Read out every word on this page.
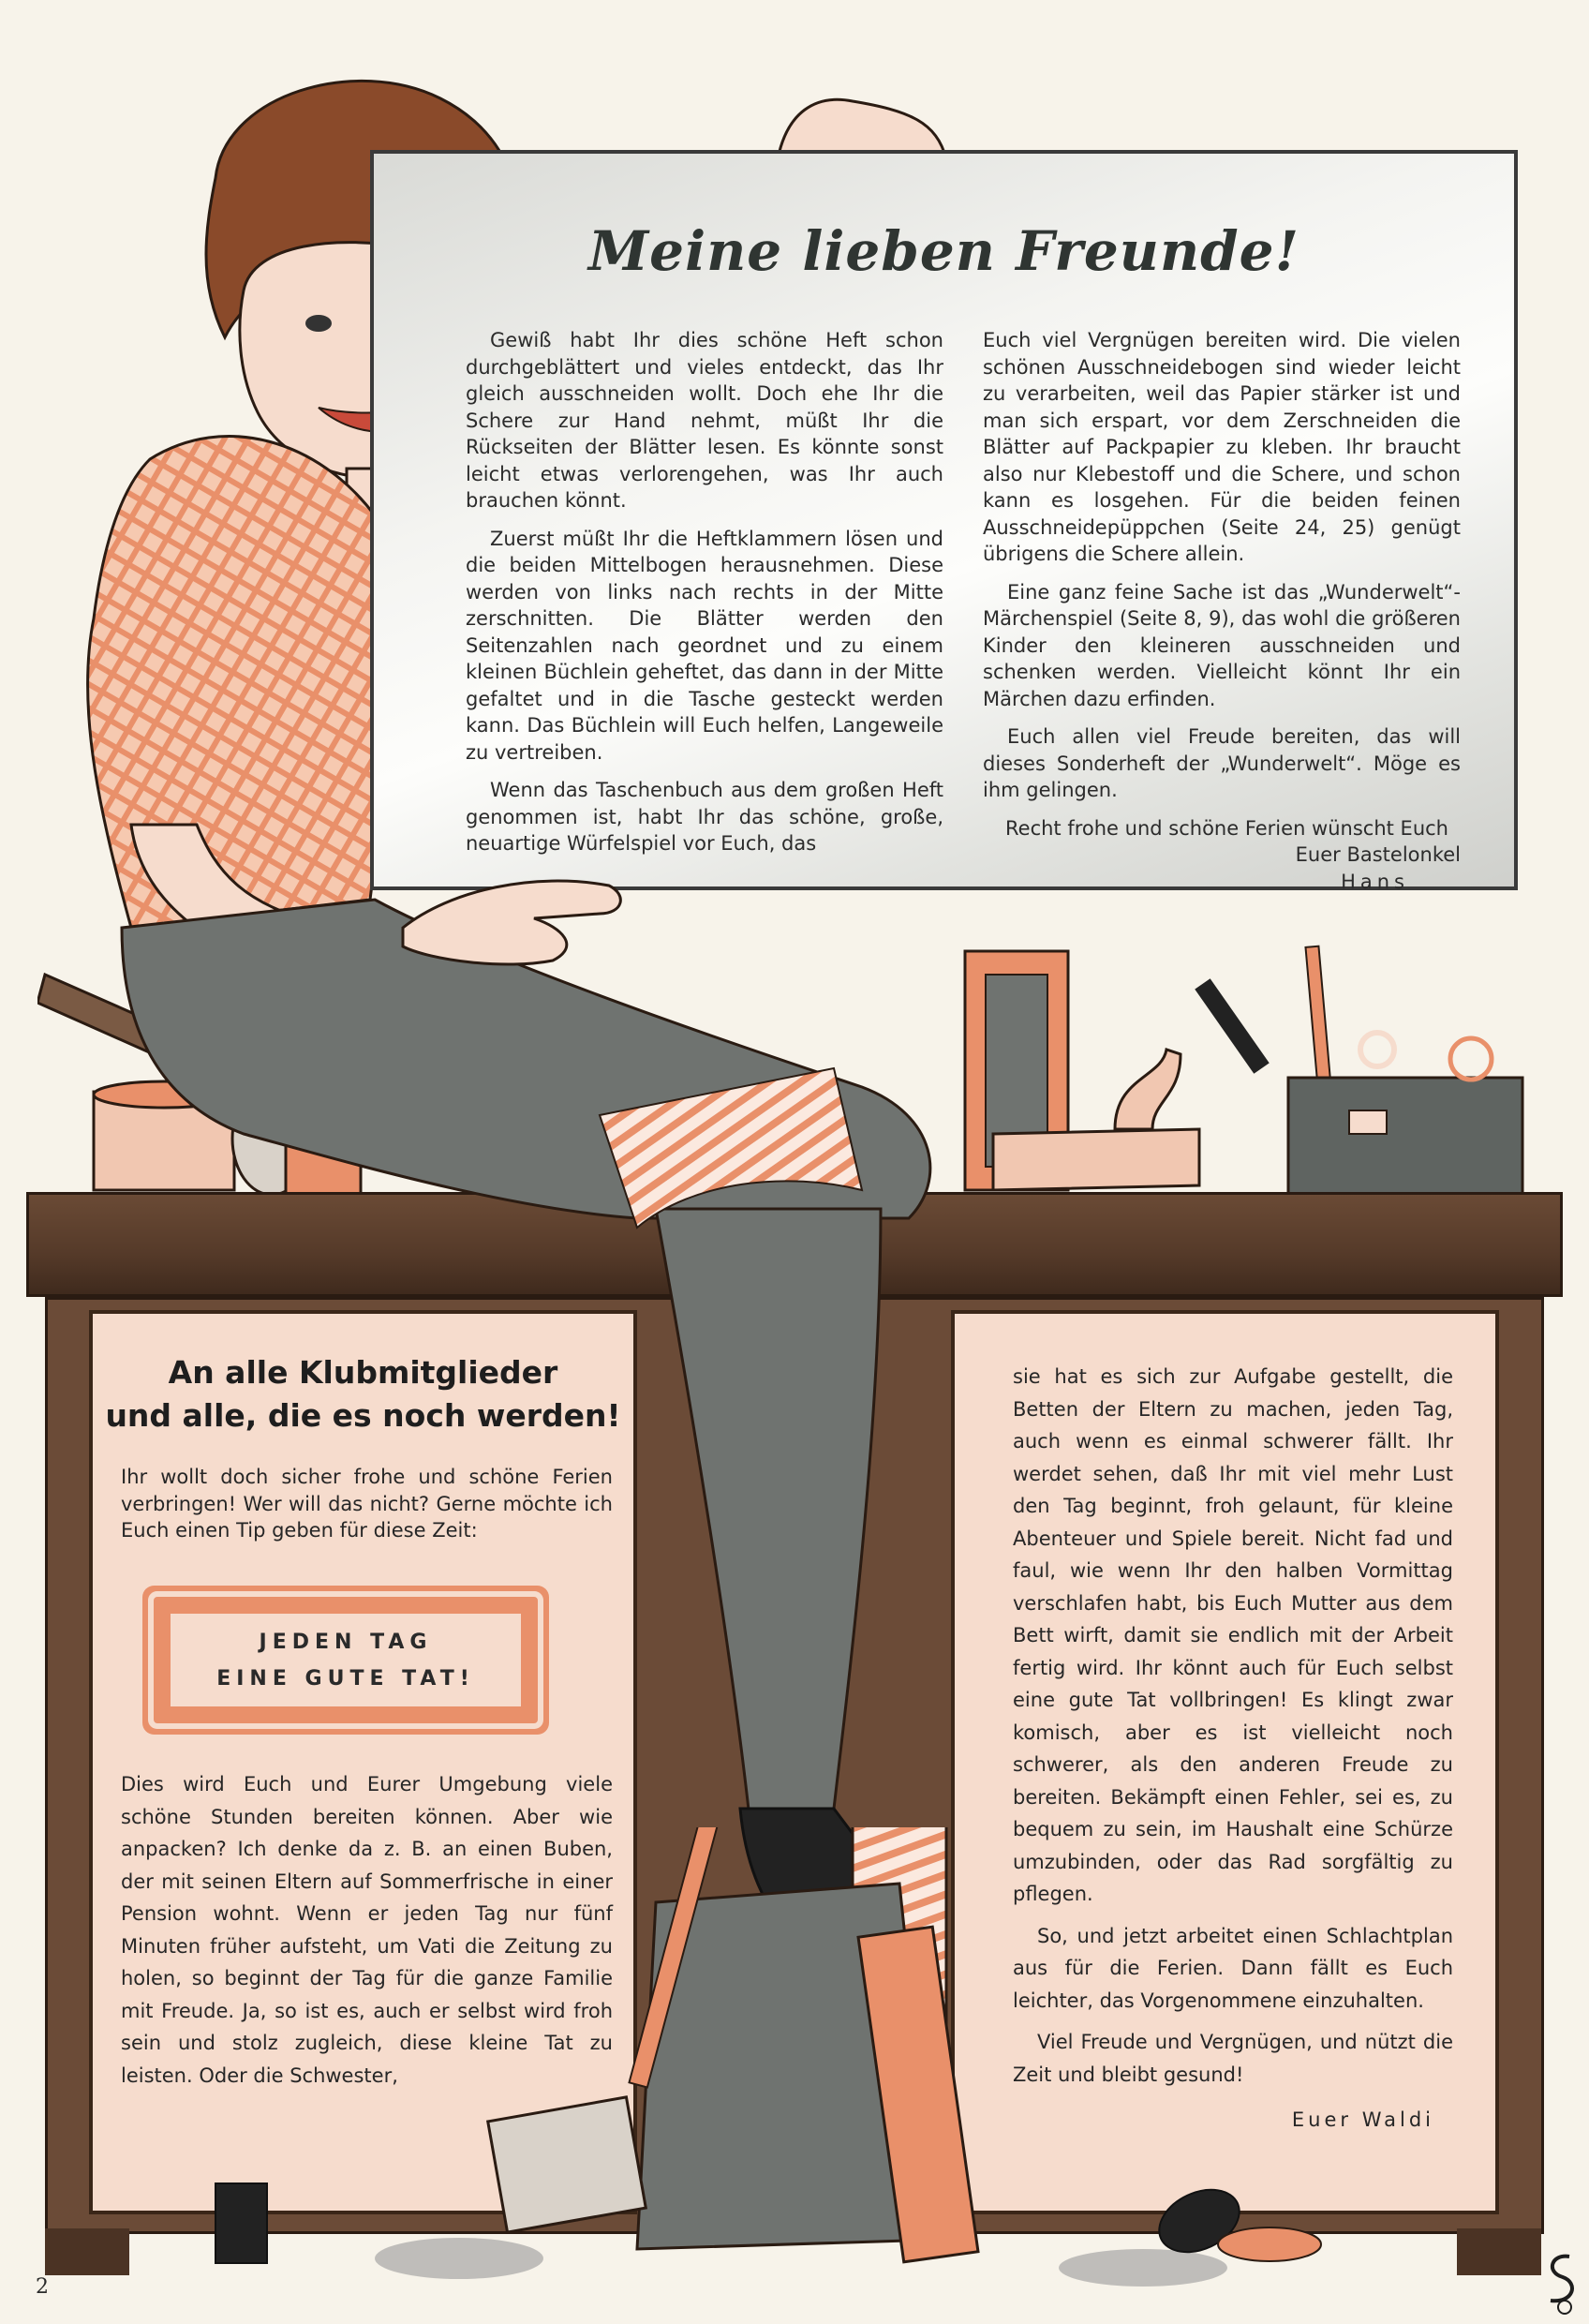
An alle Klubmitglieder
und alle, die es noch werden!
Ihr wollt doch sicher frohe und schöne Ferien verbringen! Wer will das nicht? Gerne möchte ich Euch einen Tip geben für diese Zeit:
JEDEN TAG
EINE GUTE TAT!
Dies wird Euch und Eurer Umgebung viele schöne Stunden bereiten können. Aber wie anpacken? Ich denke da z. B. an einen Buben, der mit seinen Eltern auf Sommerfrische in einer Pension wohnt. Wenn er jeden Tag nur fünf Minuten früher aufsteht, um Vati die Zeitung zu holen, so beginnt der Tag für die ganze Familie mit Freude. Ja, so ist es, auch er selbst wird froh sein und stolz zugleich, diese kleine Tat zu leisten. Oder die Schwester,

sie hat es sich zur Aufgabe gestellt, die Betten der Eltern zu machen, jeden Tag, auch wenn es einmal schwerer fällt. Ihr werdet sehen, daß Ihr mit viel mehr Lust den Tag beginnt, froh gelaunt, für kleine Abenteuer und Spiele bereit. Nicht fad und faul, wie wenn Ihr den halben Vormittag verschlafen habt, bis Euch Mutter aus dem Bett wirft, damit sie endlich mit der Arbeit fertig wird. Ihr könnt auch für Euch selbst eine gute Tat vollbringen! Es klingt zwar komisch, aber es ist vielleicht noch schwerer, als den anderen Freude zu bereiten. Bekämpft einen Fehler, sei es, zu bequem zu sein, im Haushalt eine Schürze umzubinden, oder das Rad sorgfältig zu pflegen.

So, und jetzt arbeitet einen Schlachtplan aus für die Ferien. Dann fällt es Euch leichter, das Vorgenommene einzuhalten.

Viel Freude und Vergnügen, und nützt die Zeit und bleibt gesund!

Euer Waldi
Meine lieben Freunde!

Gewiß habt Ihr dies schöne Heft schon durchgeblättert und vieles entdeckt, das Ihr gleich ausschneiden wollt. Doch ehe Ihr die Schere zur Hand nehmt, müßt Ihr die Rückseiten der Blätter lesen. Es könnte sonst leicht etwas verlorengehen, was Ihr auch brauchen könnt.

Zuerst müßt Ihr die Heftklammern lösen und die beiden Mittelbogen herausnehmen. Diese werden von links nach rechts in der Mitte zerschnitten. Die Blätter werden den Seitenzahlen nach geordnet und zu einem kleinen Büchlein geheftet, das dann in der Mitte gefaltet und in die Tasche gesteckt werden kann. Das Büchlein will Euch helfen, Langeweile zu vertreiben.

Wenn das Taschenbuch aus dem großen Heft genommen ist, habt Ihr das schöne, große, neuartige Würfelspiel vor Euch, das

Euch viel Vergnügen bereiten wird. Die vielen schönen Ausschneidebogen sind wieder leicht zu verarbeiten, weil das Papier stärker ist und man sich erspart, vor dem Zerschneiden die Blätter auf Packpapier zu kleben. Ihr braucht also nur Klebestoff und die Schere, und schon kann es losgehen. Für die beiden feinen Ausschneidepüppchen (Seite 24, 25) genügt übrigens die Schere allein.

Eine ganz feine Sache ist das „Wunderwelt“-Märchenspiel (Seite 8, 9), das wohl die größeren Kinder den kleineren ausschneiden und schenken werden. Vielleicht könnt Ihr ein Märchen dazu erfinden.

Euch allen viel Freude bereiten, das will dieses Sonderheft der „Wunderwelt“. Möge es ihm gelingen.

Recht frohe und schöne Ferien wünscht Euch
Euer Bastelonkel
Hans
2
